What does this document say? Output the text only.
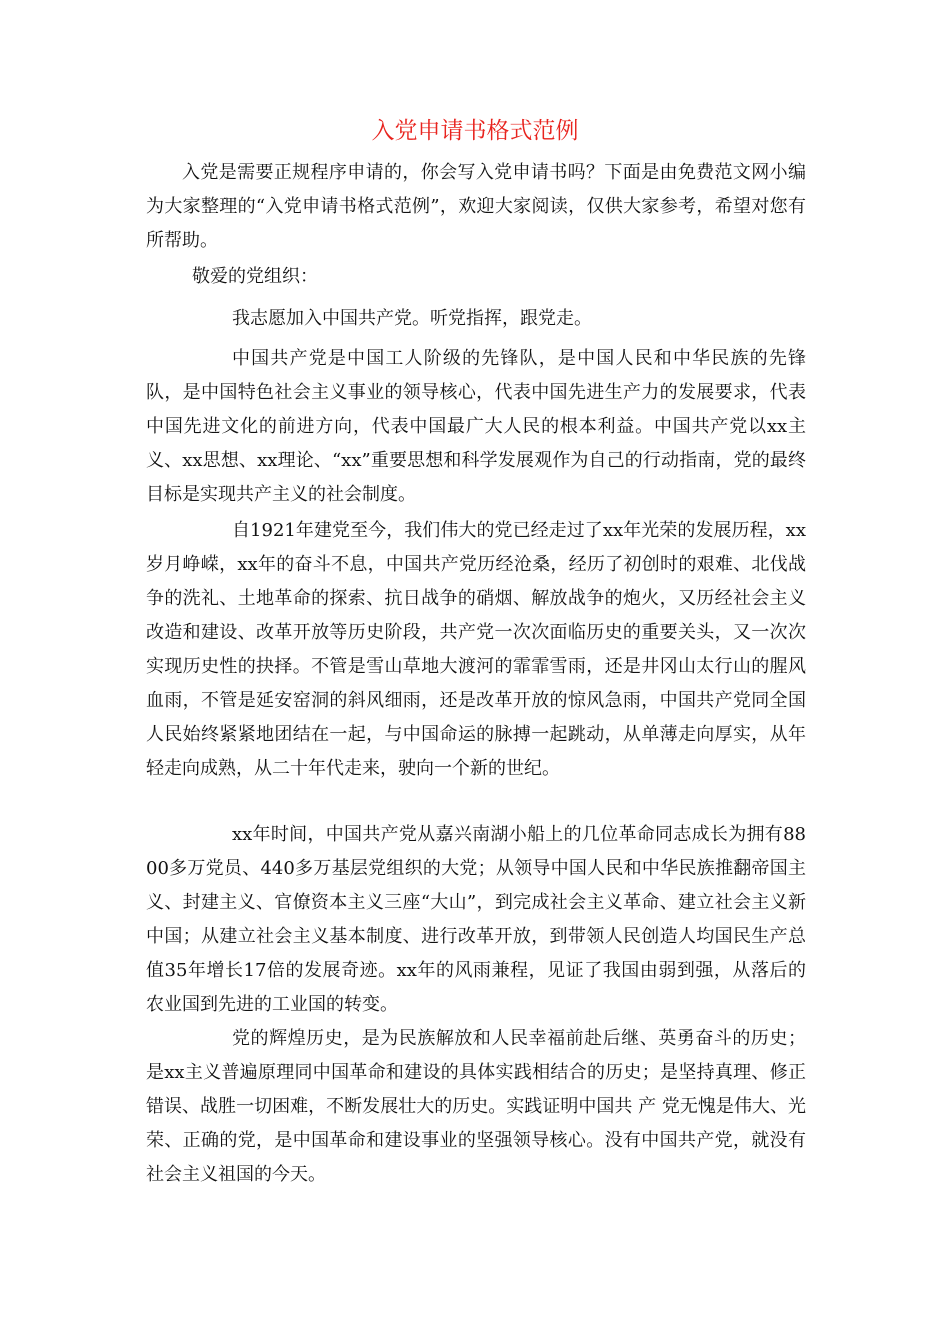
入党申请书格式范例

入党是需要正规程序申请的，你会写入党申请书吗？下面是由免费范文网小编为大家整理的“入党申请书格式范例”，欢迎大家阅读，仅供大家参考，希望对您有所帮助。

敬爱的党组织：

我志愿加入中国共产党。听党指挥，跟党走。

中国共产党是中国工人阶级的先锋队，是中国人民和中华民族的先锋队，是中国特色社会主义事业的领导核心，代表中国先进生产力的发展要求，代表中国先进文化的前进方向，代表中国最广大人民的根本利益。中国共产党以xx主义、xx思想、xx理论、“xx”重要思想和科学发展观作为自己的行动指南，党的最终目标是实现共产主义的社会制度。

自1921年建党至今，我们伟大的党已经走过了xx年光荣的发展历程，xx岁月峥嵘，xx年的奋斗不息，中国共产党历经沧桑，经历了初创时的艰难、北伐战争的洗礼、土地革命的探索、抗日战争的硝烟、解放战争的炮火，又历经社会主义改造和建设、改革开放等历史阶段，共产党一次次面临历史的重要关头，又一次次实现历史性的抉择。不管是雪山草地大渡河的霏霏雪雨，还是井冈山太行山的腥风血雨，不管是延安窑洞的斜风细雨，还是改革开放的惊风急雨，中国共产党同全国人民始终紧紧地团结在一起，与中国命运的脉搏一起跳动，从单薄走向厚实，从年轻走向成熟，从二十年代走来，驶向一个新的世纪。

xx年时间，中国共产党从嘉兴南湖小船上的几位革命同志成长为拥有8800多万党员、440多万基层党组织的大党；从领导中国人民和中华民族推翻帝国主义、封建主义、官僚资本主义三座“大山”，到完成社会主义革命、建立社会主义新中国；从建立社会主义基本制度、进行改革开放，到带领人民创造人均国民生产总值35年增长17倍的发展奇迹。xx年的风雨兼程，见证了我国由弱到强，从落后的农业国到先进的工业国的转变。

党的辉煌历史，是为民族解放和人民幸福前赴后继、英勇奋斗的历史；是xx主义普遍原理同中国革命和建设的具体实践相结合的历史；是坚持真理、修正错误、战胜一切困难，不断发展壮大的历史。实践证明中国共 产 党无愧是伟大、光荣、正确的党，是中国革命和建设事业的坚强领导核心。没有中国共产党，就没有社会主义祖国的今天。
